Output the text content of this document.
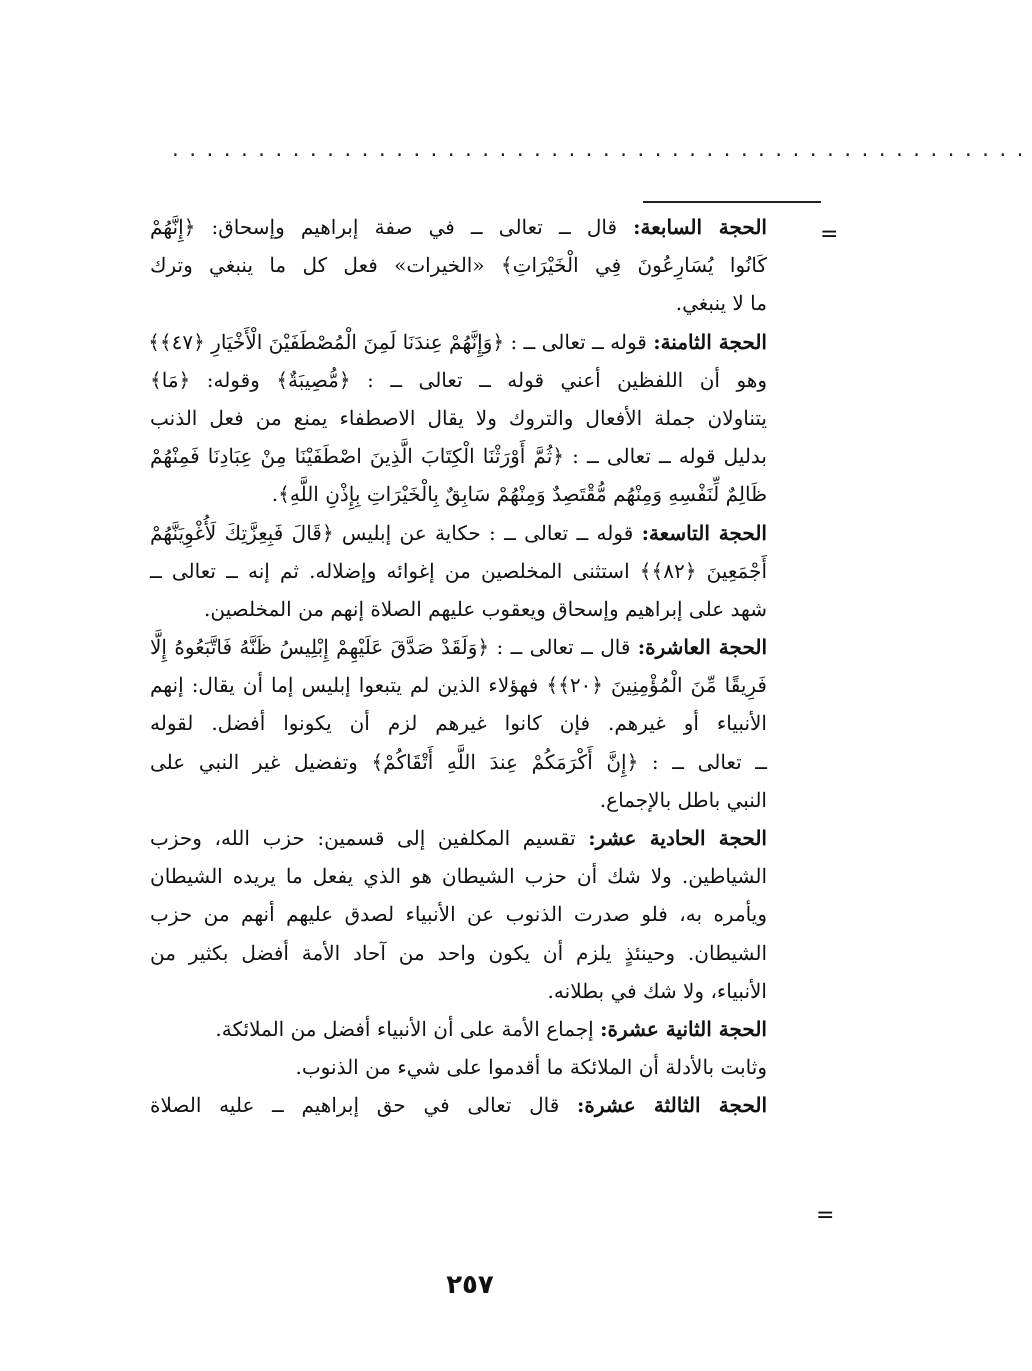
..................................................
=
الحجة السابعة: قال ــ تعالى ــ في صفة إبراهيم وإسحاق: ﴿إِنَّهُمْ
كَانُوا يُسَارِعُونَ فِي الْخَيْرَاتِ﴾ «الخيرات» فعل كل ما ينبغي وترك
ما لا ينبغي.
الحجة الثامنة: قوله ــ تعالى ــ : ﴿وَإِنَّهُمْ عِندَنَا لَمِنَ الْمُصْطَفَيْنَ الْأَخْيَارِ ﴿٤٧﴾﴾
وهو أن اللفظين أعني قوله ــ تعالى ــ : ﴿مُّصِيبَةٌ﴾ وقوله: ﴿مَا﴾
يتناولان جملة الأفعال والتروك ولا يقال الاصطفاء يمنع من فعل الذنب
بدليل قوله ــ تعالى ــ : ﴿ثُمَّ أَوْرَثْنَا الْكِتَابَ الَّذِينَ اصْطَفَيْنَا مِنْ عِبَادِنَا فَمِنْهُمْ
ظَالِمٌ لِّنَفْسِهِ وَمِنْهُم مُّقْتَصِدٌ وَمِنْهُمْ سَابِقٌ بِالْخَيْرَاتِ بِإِذْنِ اللَّهِ﴾.
الحجة التاسعة: قوله ــ تعالى ــ : حكاية عن إبليس ﴿قَالَ فَبِعِزَّتِكَ لَأُغْوِيَنَّهُمْ
أَجْمَعِينَ ﴿٨٢﴾﴾ استثنى المخلصين من إغوائه وإضلاله. ثم إنه ــ تعالى ــ
شهد على إبراهيم وإسحاق ويعقوب عليهم الصلاة إنهم من المخلصين.
الحجة العاشرة: قال ــ تعالى ــ : ﴿وَلَقَدْ صَدَّقَ عَلَيْهِمْ إِبْلِيسُ ظَنَّهُ فَاتَّبَعُوهُ إِلَّا
فَرِيقًا مِّنَ الْمُؤْمِنِينَ ﴿٢٠﴾﴾ فهؤلاء الذين لم يتبعوا إبليس إما أن يقال: إنهم
الأنبياء أو غيرهم. فإن كانوا غيرهم لزم أن يكونوا أفضل. لقوله
ــ تعالى ــ : ﴿إِنَّ أَكْرَمَكُمْ عِندَ اللَّهِ أَتْقَاكُمْ﴾ وتفضيل غير النبي على
النبي باطل بالإجماع.
الحجة الحادية عشر: تقسيم المكلفين إلى قسمين: حزب الله، وحزب
الشياطين. ولا شك أن حزب الشيطان هو الذي يفعل ما يريده الشيطان
ويأمره به، فلو صدرت الذنوب عن الأنبياء لصدق عليهم أنهم من حزب
الشيطان. وحينئذٍ يلزم أن يكون واحد من آحاد الأمة أفضل بكثير من
الأنبياء، ولا شك في بطلانه.
الحجة الثانية عشرة: إجماع الأمة على أن الأنبياء أفضل من الملائكة.
وثابت بالأدلة أن الملائكة ما أقدموا على شيء من الذنوب.
الحجة الثالثة عشرة: قال تعالى في حق إبراهيم ــ عليه الصلاة
=
٢٥٧
